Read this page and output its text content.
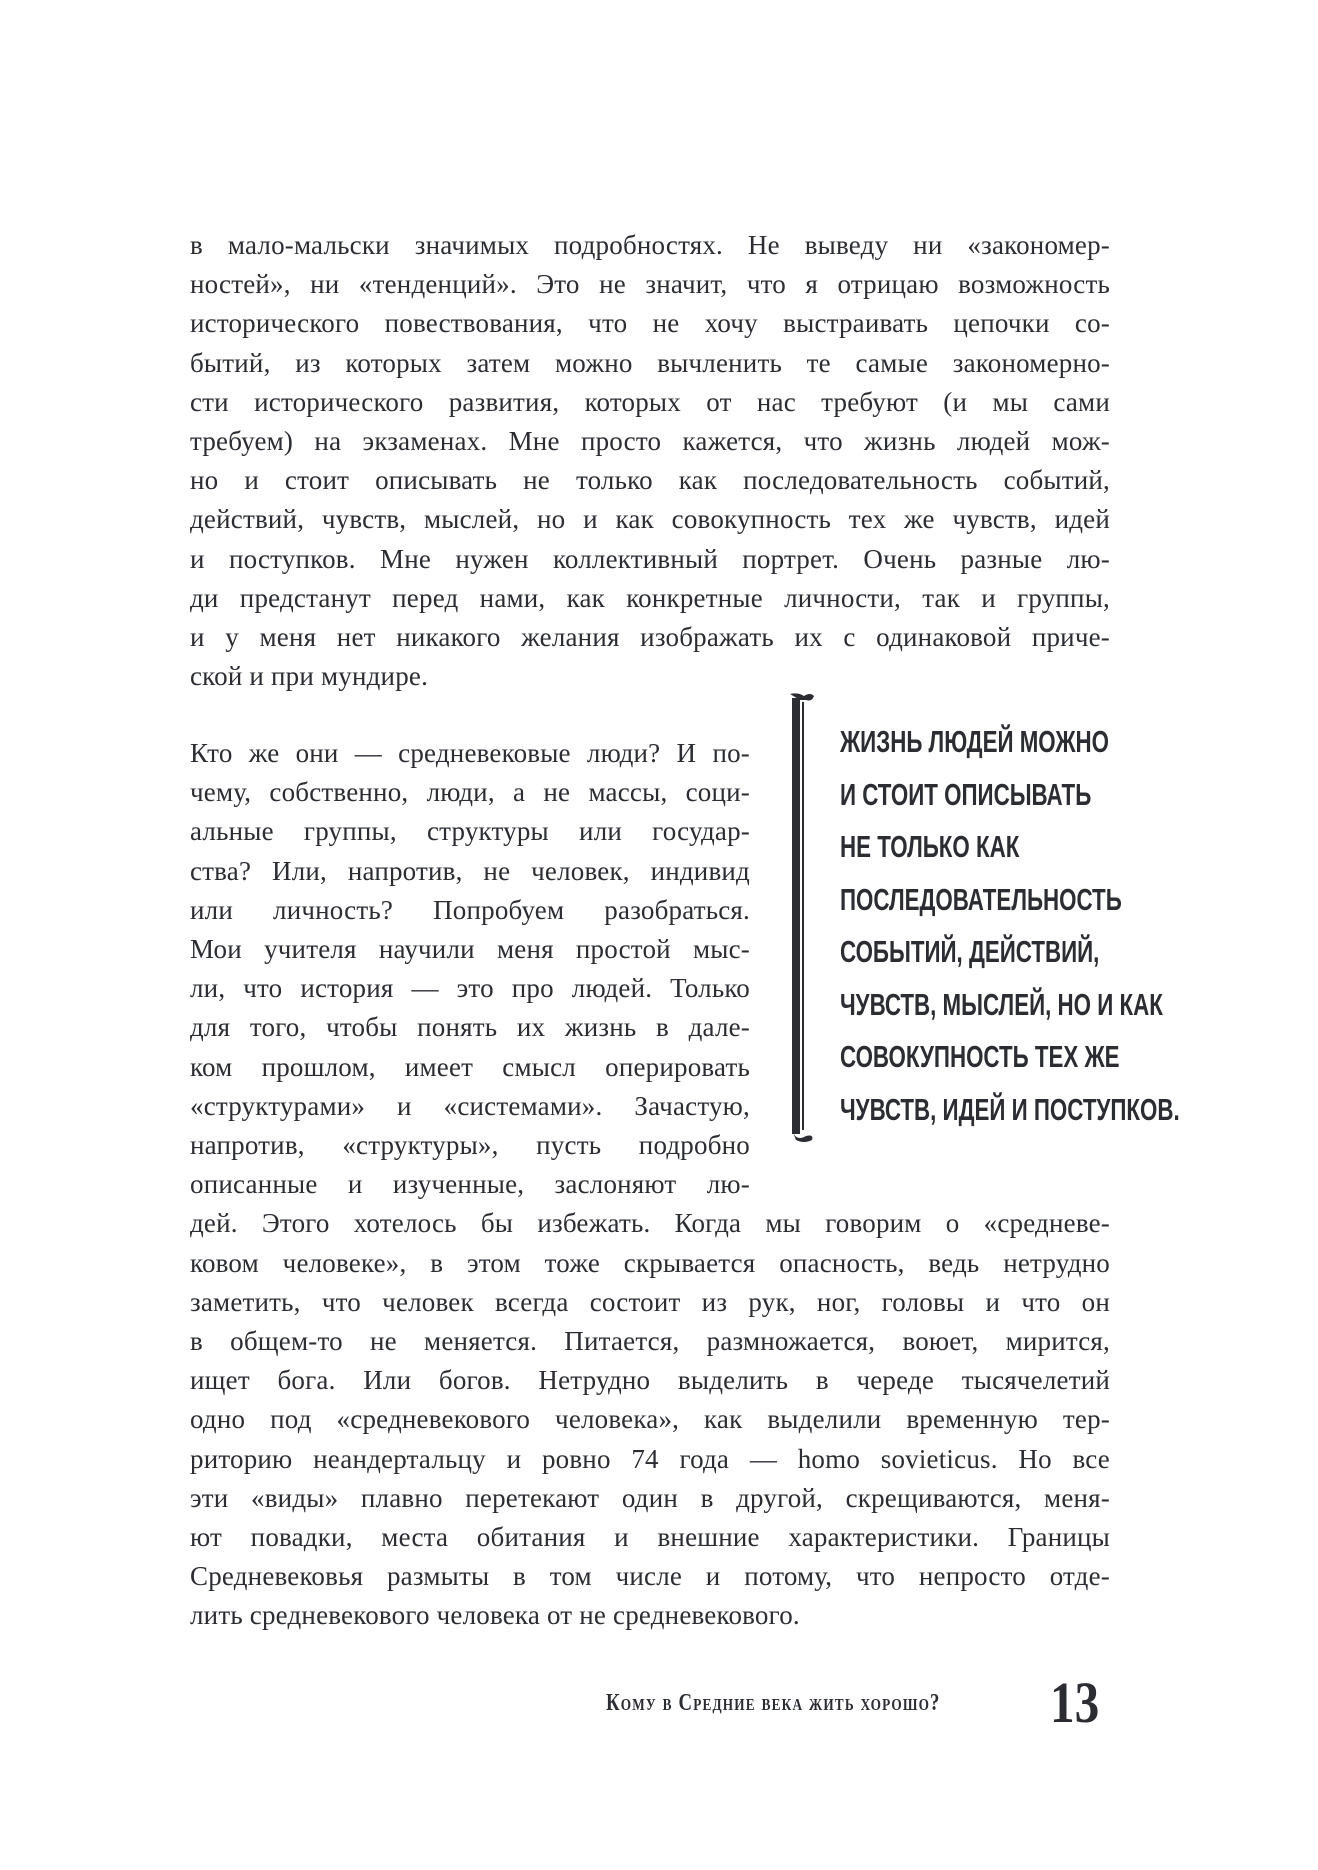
в мало-мальски значимых подробностях. Не выведу ни «закономер-
ностей», ни «тенденций». Это не значит, что я отрицаю возможность
исторического повествования, что не хочу выстраивать цепочки со-
бытий, из которых затем можно вычленить те самые закономерно-
сти исторического развития, которых от нас требуют (и мы сами
требуем) на экзаменах. Мне просто кажется, что жизнь людей мож-
но и стоит описывать не только как последовательность событий,
действий, чувств, мыслей, но и как совокупность тех же чувств, идей
и поступков. Мне нужен коллективный портрет. Очень разные лю-
ди предстанут перед нами, как конкретные личности, так и группы,
и у меня нет никакого желания изображать их с одинаковой приче-
ской и при мундире.
Кто же они — средневековые люди? И по-
чему, собственно, люди, а не массы, соци-
альные группы, структуры или государ-
ства? Или, напротив, не человек, индивид
или личность? Попробуем разобраться.
Мои учителя научили меня простой мыс-
ли, что история — это про людей. Только
для того, чтобы понять их жизнь в дале-
ком прошлом, имеет смысл оперировать
«структурами» и «системами». Зачастую,
напротив, «структуры», пусть подробно
описанные и изученные, заслоняют лю-
дей. Этого хотелось бы избежать. Когда мы говорим о «средневе-
ковом человеке», в этом тоже скрывается опасность, ведь нетрудно
заметить, что человек всегда состоит из рук, ног, головы и что он
в общем-то не меняется. Питается, размножается, воюет, мирится,
ищет бога. Или богов. Нетрудно выделить в череде тысячелетий
одно под «средневекового человека», как выделили временную тер-
риторию неандертальцу и ровно 74 года — homo sovieticus. Но все
эти «виды» плавно перетекают один в другой, скрещиваются, меня-
ют повадки, места обитания и внешние характеристики. Границы
Средневековья размыты в том числе и потому, что непросто отде-
лить средневекового человека от не средневекового.
ЖИЗНЬ ЛЮДЕЙ МОЖНО
И СТОИТ ОПИСЫВАТЬ
НЕ ТОЛЬКО КАК
ПОСЛЕДОВАТЕЛЬНОСТЬ
СОБЫТИЙ, ДЕЙСТВИЙ,
ЧУВСТВ, МЫСЛЕЙ, НО И КАК
СОВОКУПНОСТЬ ТЕХ ЖЕ
ЧУВСТВ, ИДЕЙ И ПОСТУПКОВ.
Кому в Средние века жить хорошо? 13
